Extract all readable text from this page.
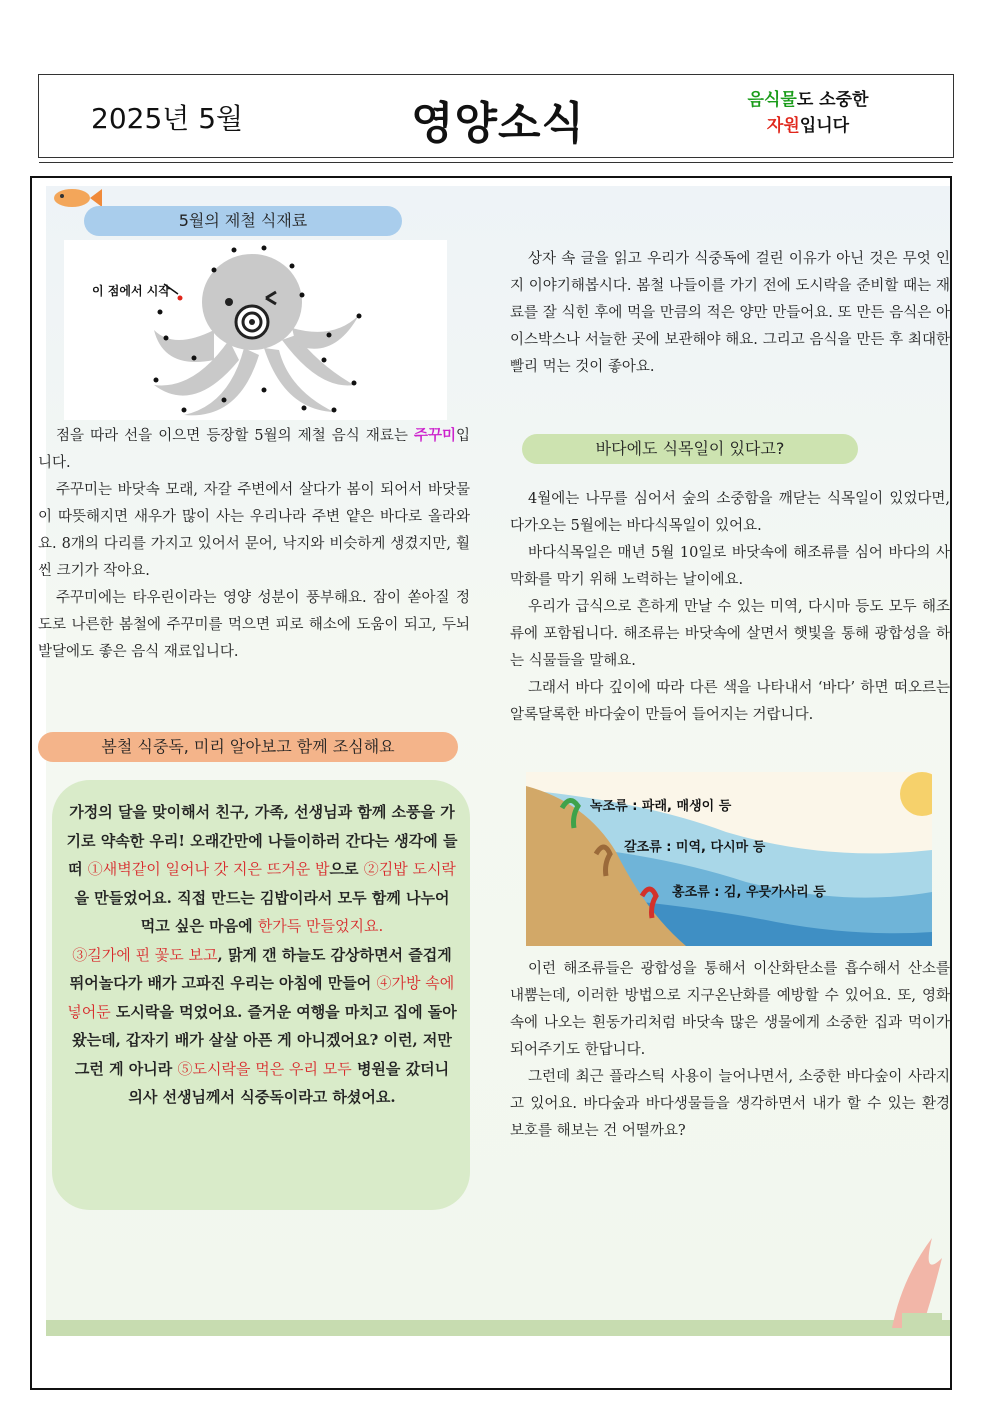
2025년 5월	영양소식	음식물도 소중한
자원입니다
5월의 제철 식재료
이 점에서 시작

점을 따라 선을 이으면 등장할 5월의 제철 음식 재료는 주꾸미입니다.

주꾸미는 바닷속 모래, 자갈 주변에서 살다가 봄이 되어서 바닷물이 따뜻해지면 새우가 많이 사는 우리나라 주변 얕은 바다로 올라와요. 8개의 다리를 가지고 있어서 문어, 낙지와 비슷하게 생겼지만, 훨씬 크기가 작아요.

주꾸미에는 타우린이라는 영양 성분이 풍부해요. 잠이 쏟아질 정도로 나른한 봄철에 주꾸미를 먹으면 피로 해소에 도움이 되고, 두뇌 발달에도 좋은 음식 재료입니다.

봄철 식중독, 미리 알아보고 함께 조심해요
가정의 달을 맞이해서 친구, 가족, 선생님과 함께 소풍을 가기로 약속한 우리! 오래간만에 나들이하러 간다는 생각에 들떠 ①새벽같이 일어나 갓 지은 뜨거운 밥으로 ②김밥 도시락을 만들었어요. 직접 만드는 김밥이라서 모두 함께 나누어 먹고 싶은 마음에 한가득 만들었지요.
③길가에 핀 꽃도 보고, 맑게 갠 하늘도 감상하면서 즐겁게 뛰어놀다가 배가 고파진 우리는 아침에 만들어 ④가방 속에 넣어둔 도시락을 먹었어요. 즐거운 여행을 마치고 집에 돌아왔는데, 갑자기 배가 살살 아픈 게 아니겠어요? 이런, 저만 그런 게 아니라 ⑤도시락을 먹은 우리 모두 병원을 갔더니 의사 선생님께서 식중독이라고 하셨어요.

상자 속 글을 읽고 우리가 식중독에 걸린 이유가 아닌 것은 무엇 인지 이야기해봅시다. 봄철 나들이를 가기 전에 도시락을 준비할 때는 재료를 잘 식힌 후에 먹을 만큼의 적은 양만 만들어요. 또 만든 음식은 아이스박스나 서늘한 곳에 보관해야 해요. 그리고 음식을 만든 후 최대한 빨리 먹는 것이 좋아요.

바다에도 식목일이 있다고?

4월에는 나무를 심어서 숲의 소중함을 깨닫는 식목일이 있었다면, 다가오는 5월에는 바다식목일이 있어요.

바다식목일은 매년 5월 10일로 바닷속에 해조류를 심어 바다의 사막화를 막기 위해 노력하는 날이에요.

우리가 급식으로 흔하게 만날 수 있는 미역, 다시마 등도 모두 해조류에 포함됩니다. 해조류는 바닷속에 살면서 햇빛을 통해 광합성을 하는 식물들을 말해요.

그래서 바다 깊이에 따라 다른 색을 나타내서 ‘바다’ 하면 떠오르는 알록달록한 바다숲이 만들어 들어지는 거랍니다.

녹조류 : 파래, 매생이 등
갈조류 : 미역, 다시마 등
홍조류 : 김, 우뭇가사리 등

이런 해조류들은 광합성을 통해서 이산화탄소를 흡수해서 산소를 내뿜는데, 이러한 방법으로 지구온난화를 예방할 수 있어요. 또, 영화속에 나오는 흰동가리처럼 바닷속 많은 생물에게 소중한 집과 먹이가 되어주기도 한답니다.

그런데 최근 플라스틱 사용이 늘어나면서, 소중한 바다숲이 사라지고 있어요. 바다숲과 바다생물들을 생각하면서 내가 할 수 있는 환경 보호를 해보는 건 어떨까요?
